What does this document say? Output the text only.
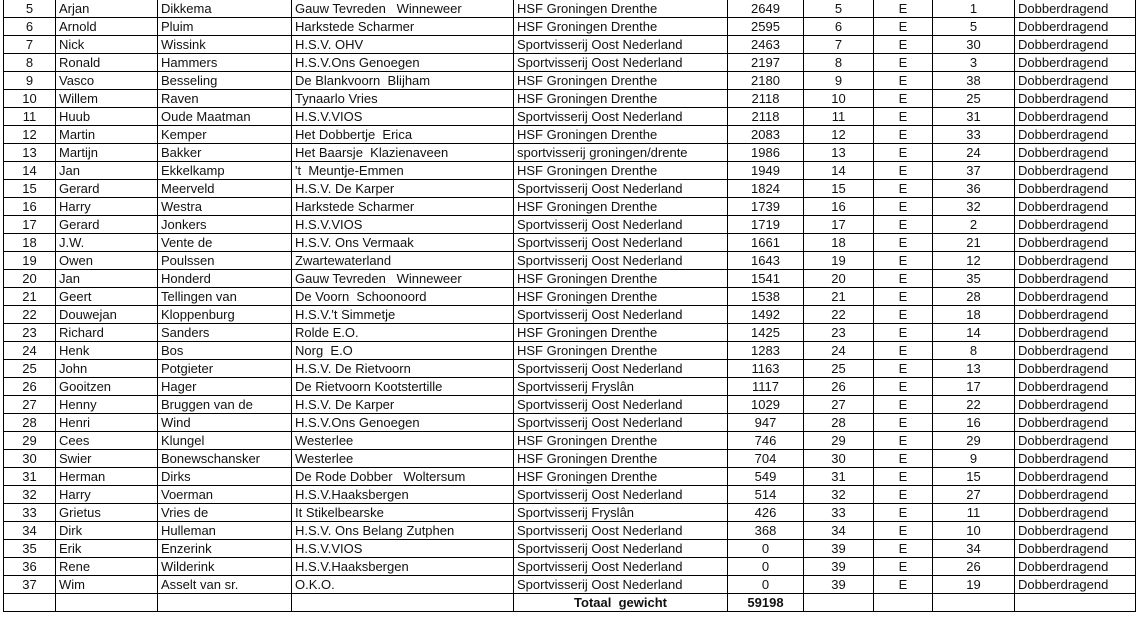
5	Arjan	Dikkema	Gauw Tevreden   Winneweer	HSF Groningen Drenthe	2649	5	E	1	Dobberdragend
6	Arnold	Pluim	Harkstede Scharmer	HSF Groningen Drenthe	2595	6	E	5	Dobberdragend
7	Nick	Wissink	H.S.V. OHV	Sportvisserij Oost Nederland	2463	7	E	30	Dobberdragend
8	Ronald	Hammers	H.S.V.Ons Genoegen	Sportvisserij Oost Nederland	2197	8	E	3	Dobberdragend
9	Vasco	Besseling	De Blankvoorn  Blijham	HSF Groningen Drenthe	2180	9	E	38	Dobberdragend
10	Willem	Raven	Tynaarlo Vries	HSF Groningen Drenthe	2118	10	E	25	Dobberdragend
11	Huub	Oude Maatman	H.S.V.VIOS	Sportvisserij Oost Nederland	2118	11	E	31	Dobberdragend
12	Martin	Kemper	Het Dobbertje  Erica	HSF Groningen Drenthe	2083	12	E	33	Dobberdragend
13	Martijn	Bakker	Het Baarsje  Klazienaveen	sportvisserij groningen/drente	1986	13	E	24	Dobberdragend
14	Jan	Ekkelkamp	't  Meuntje-Emmen	HSF Groningen Drenthe	1949	14	E	37	Dobberdragend
15	Gerard	Meerveld	H.S.V. De Karper	Sportvisserij Oost Nederland	1824	15	E	36	Dobberdragend
16	Harry	Westra	Harkstede Scharmer	HSF Groningen Drenthe	1739	16	E	32	Dobberdragend
17	Gerard	Jonkers	H.S.V.VIOS	Sportvisserij Oost Nederland	1719	17	E	2	Dobberdragend
18	J.W.	Vente de	H.S.V. Ons Vermaak	Sportvisserij Oost Nederland	1661	18	E	21	Dobberdragend
19	Owen	Poulssen	Zwartewaterland	Sportvisserij Oost Nederland	1643	19	E	12	Dobberdragend
20	Jan	Honderd	Gauw Tevreden   Winneweer	HSF Groningen Drenthe	1541	20	E	35	Dobberdragend
21	Geert	Tellingen van	De Voorn  Schoonoord	HSF Groningen Drenthe	1538	21	E	28	Dobberdragend
22	Douwejan	Kloppenburg	H.S.V.'t Simmetje	Sportvisserij Oost Nederland	1492	22	E	18	Dobberdragend
23	Richard	Sanders	Rolde E.O.	HSF Groningen Drenthe	1425	23	E	14	Dobberdragend
24	Henk	Bos	Norg  E.O	HSF Groningen Drenthe	1283	24	E	8	Dobberdragend
25	John	Potgieter	H.S.V. De Rietvoorn	Sportvisserij Oost Nederland	1163	25	E	13	Dobberdragend
26	Gooitzen	Hager	De Rietvoorn Kootstertille	Sportvisserij Fryslân	1117	26	E	17	Dobberdragend
27	Henny	Bruggen van de	H.S.V. De Karper	Sportvisserij Oost Nederland	1029	27	E	22	Dobberdragend
28	Henri	Wind	H.S.V.Ons Genoegen	Sportvisserij Oost Nederland	947	28	E	16	Dobberdragend
29	Cees	Klungel	Westerlee	HSF Groningen Drenthe	746	29	E	29	Dobberdragend
30	Swier	Bonewschansker	Westerlee	HSF Groningen Drenthe	704	30	E	9	Dobberdragend
31	Herman	Dirks	De Rode Dobber   Woltersum	HSF Groningen Drenthe	549	31	E	15	Dobberdragend
32	Harry	Voerman	H.S.V.Haaksbergen	Sportvisserij Oost Nederland	514	32	E	27	Dobberdragend
33	Grietus	Vries de	It Stikelbearske	Sportvisserij Fryslân	426	33	E	11	Dobberdragend
34	Dirk	Hulleman	H.S.V. Ons Belang Zutphen	Sportvisserij Oost Nederland	368	34	E	10	Dobberdragend
35	Erik	Enzerink	H.S.V.VIOS	Sportvisserij Oost Nederland	0	39	E	34	Dobberdragend
36	Rene	Wilderink	H.S.V.Haaksbergen	Sportvisserij Oost Nederland	0	39	E	26	Dobberdragend
37	Wim	Asselt van sr.	O.K.O.	Sportvisserij Oost Nederland	0	39	E	19	Dobberdragend
				Totaal  gewicht	59198				
